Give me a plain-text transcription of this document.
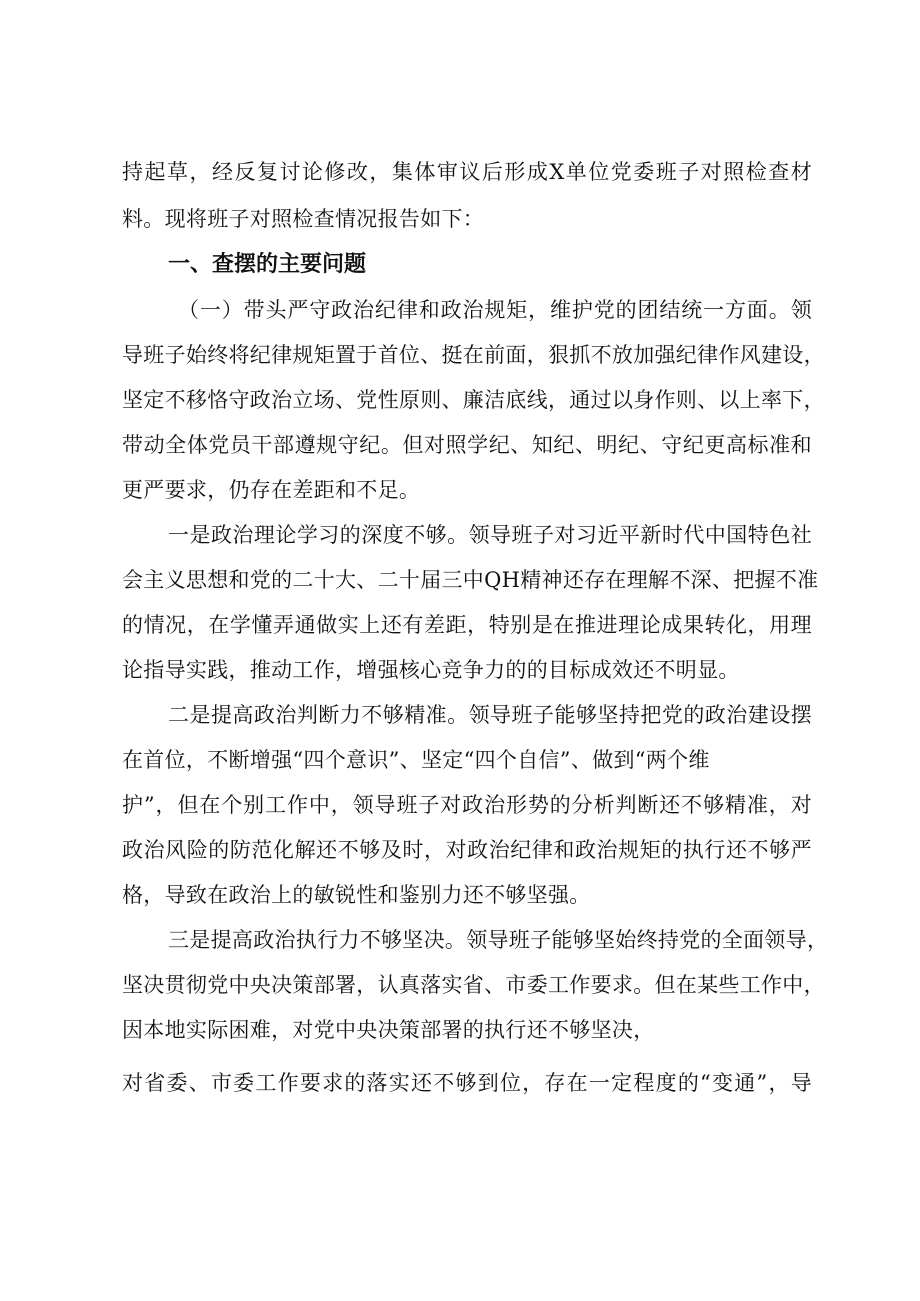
持起草，经反复讨论修改，集体审议后形成X单位党委班子对照检查材
料。现将班子对照检查情况报告如下：
一、查摆的主要问题
（一）带头严守政治纪律和政治规矩，维护党的团结统一方面。领
导班子始终将纪律规矩置于首位、挺在前面，狠抓不放加强纪律作风建设，
坚定不移恪守政治立场、党性原则、廉洁底线，通过以身作则、以上率下，
带动全体党员干部遵规守纪。但对照学纪、知纪、明纪、守纪更高标准和
更严要求，仍存在差距和不足。
一是政治理论学习的深度不够。领导班子对习近平新时代中国特色社
会主义思想和党的二十大、二十届三中QH精神还存在理解不深、把握不准
的情况，在学懂弄通做实上还有差距，特别是在推进理论成果转化，用理
论指导实践，推动工作，增强核心竞争力的的目标成效还不明显。
二是提高政治判断力不够精准。领导班子能够坚持把党的政治建设摆
在首位，不断增强“四个意识”、坚定“四个自信”、做到“两个维
护”，但在个别工作中，领导班子对政治形势的分析判断还不够精准，对
政治风险的防范化解还不够及时，对政治纪律和政治规矩的执行还不够严
格，导致在政治上的敏锐性和鉴别力还不够坚强。
三是提高政治执行力不够坚决。领导班子能够坚始终持党的全面领导，
坚决贯彻党中央决策部署，认真落实省、市委工作要求。但在某些工作中，
因本地实际困难，对党中央决策部署的执行还不够坚决，
对省委、市委工作要求的落实还不够到位，存在一定程度的“变通”，导
